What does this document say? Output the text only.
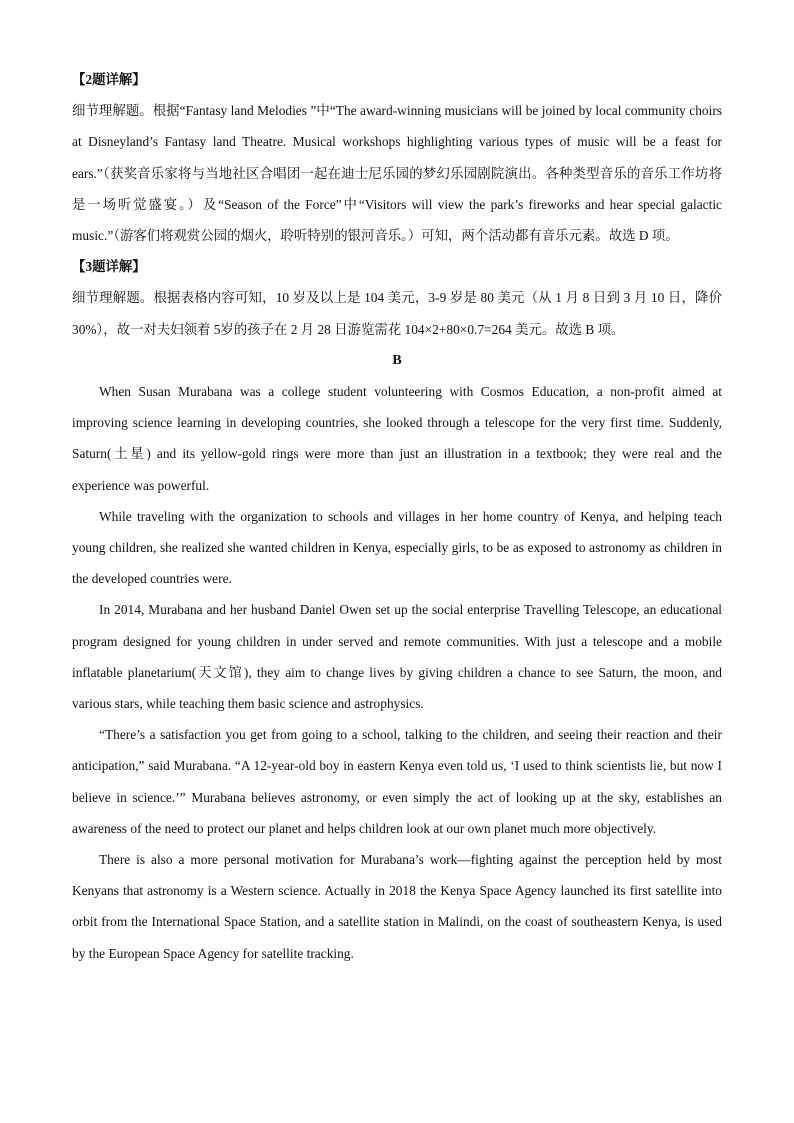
【2题详解】

细节理解题。根据“Fantasy land Melodies ”中“The award-winning musicians will be joined by local community choirs at Disneyland’s Fantasy land Theatre. Musical workshops highlighting various types of music will be a feast for ears.”（获奖音乐家将与当地社区合唱团一起在迪士尼乐园的梦幻乐园剧院演出。各种类型音乐的音乐工作坊将是一场听觉盛宴。）及“Season of the Force”中“Visitors will view the park’s fireworks and hear special galactic music.”（游客们将观赏公园的烟火，聆听特别的银河音乐。）可知，两个活动都有音乐元素。故选 D 项。

【3题详解】

细节理解题。根据表格内容可知，10 岁及以上是 104 美元，3-9 岁是 80 美元（从 1 月 8 日到 3 月 10 日，降价 30%），故一对夫妇领着 5岁的孩子在 2 月 28 日游览需花 104×2+80×0.7=264 美元。故选 B 项。

B

When Susan Murabana was a college student volunteering with Cosmos Education, a non-profit aimed at improving science learning in developing countries, she looked through a telescope for the very first time. Suddenly, Saturn(土星) and its yellow-gold rings were more than just an illustration in a textbook; they were real and the experience was powerful.

While traveling with the organization to schools and villages in her home country of Kenya, and helping teach young children, she realized she wanted children in Kenya, especially girls, to be as exposed to astronomy as children in the developed countries were.

In 2014, Murabana and her husband Daniel Owen set up the social enterprise Travelling Telescope, an educational program designed for young children in under served and remote communities. With just a telescope and a mobile inflatable planetarium(天文馆), they aim to change lives by giving children a chance to see Saturn, the moon, and various stars, while teaching them basic science and astrophysics.

“There’s a satisfaction you get from going to a school, talking to the children, and seeing their reaction and their anticipation,” said Murabana. “A 12-year-old boy in eastern Kenya even told us, ‘I used to think scientists lie, but now I believe in science.’” Murabana believes astronomy, or even simply the act of looking up at the sky, establishes an awareness of the need to protect our planet and helps children look at our own planet much more objectively.

There is also a more personal motivation for Murabana’s work—fighting against the perception held by most Kenyans that astronomy is a Western science. Actually in 2018 the Kenya Space Agency launched its first satellite into orbit from the International Space Station, and a satellite station in Malindi, on the coast of southeastern Kenya, is used by the European Space Agency for satellite tracking.
